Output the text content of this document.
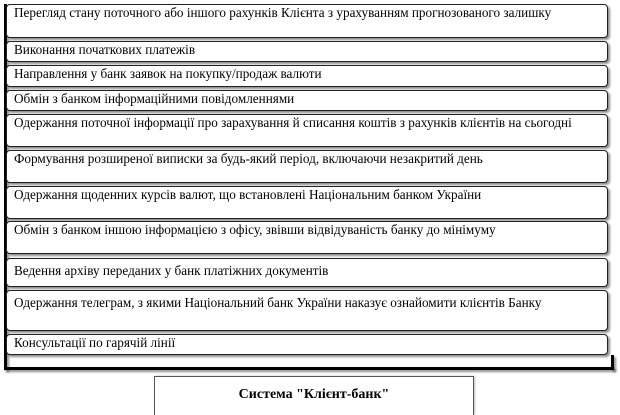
Перегляд стану поточного або іншого рахунків Клієнта з урахуванням прогнозованого залишку
Виконання початкових платежів
Направлення у банк заявок на покупку/продаж валюти
Обмін з банком інформаційними повідомленнями
Одержання поточної інформації про зарахування й списання коштів з рахунків клієнтів на сьогодні
Формування розширеної виписки за будь-який період, включаючи незакритий день
Одержання щоденних курсів валют, що встановлені Національним банком України
Обмін з банком іншою інформацією з офісу, звівши відвідуваність банку до мінімуму
Ведення архіву переданих у банк платіжних документів
Одержання телеграм, з якими Національний банк України наказує ознайомити клієнтів Банку
Консультації по гарячій лінії
Система "Клієнт-банк"
